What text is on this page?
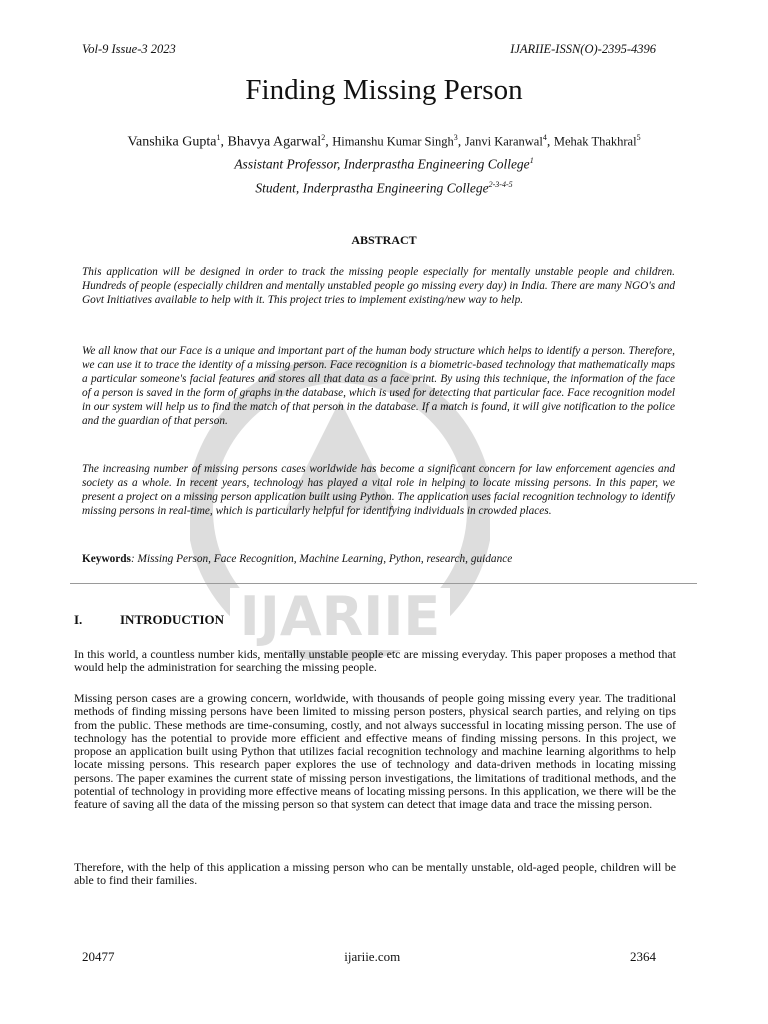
IJARIIE
Vol-9 Issue-3 2023	IJARIIE-ISSN(O)-2395-4396
Finding Missing Person
Vanshika Gupta$^1$, Bhavya Agarwal$^2$, Himanshu Kumar Singh$^3$, Janvi Karanwal$^4$, Mehak Thakhral$^5$
Assistant Professor, Inderprastha Engineering College$^1$
Student, Inderprastha Engineering College$^{2-3-4-5}$
ABSTRACT

This application will be designed in order to track the missing people especially for mentally unstable people and children. Hundreds of people (especially children and mentally unstabled people go missing every day) in India. There are many NGO's and Govt Initiatives available to help with it. This project tries to implement existing/new way to help.

We all know that our Face is a unique and important part of the human body structure which helps to identify a person. Therefore, we can use it to trace the identity of a missing person. Face recognition is a biometric-based technology that mathematically maps a particular someone's facial features and stores all that data as a face print. By using this technique, the information of the face of a person is saved in the form of graphs in the database, which is used for detecting that particular face. Face recognition model in our system will help us to find the match of that person in the database. If a match is found, it will give notification to the police and the guardian of that person.

The increasing number of missing persons cases worldwide has become a significant concern for law enforcement agencies and society as a whole. In recent years, technology has played a vital role in helping to locate missing persons. In this paper, we present a project on a missing person application built using Python. The application uses facial recognition technology to identify missing persons in real-time, which is particularly helpful for identifying individuals in crowded places.

Keywords: Missing Person, Face Recognition, Machine Learning, Python, research, guidance
I.	INTRODUCTION

In this world, a countless number kids, mentally unstable people etc are missing everyday. This paper proposes a method that would help the administration for searching the missing people.

Missing person cases are a growing concern, worldwide, with thousands of people going missing every year. The traditional methods of finding missing persons have been limited to missing person posters, physical search parties, and relying on tips from the public. These methods are time-consuming, costly, and not always successful in locating missing person. The use of technology has the potential to provide more efficient and effective means of finding missing persons. In this project, we propose an application built using Python that utilizes facial recognition technology and machine learning algorithms to help locate missing persons. This research paper explores the use of technology and data-driven methods in locating missing persons. The paper examines the current state of missing person investigations, the limitations of traditional methods, and the potential of technology in providing more effective means of locating missing persons. In this application, we there will be the feature of saving all the data of the missing person so that system can detect that image data and trace the missing person.

Therefore, with the help of this application a missing person who can be mentally unstable, old-aged people, children will be able to find their families.

20477	ijariie.com	2364
